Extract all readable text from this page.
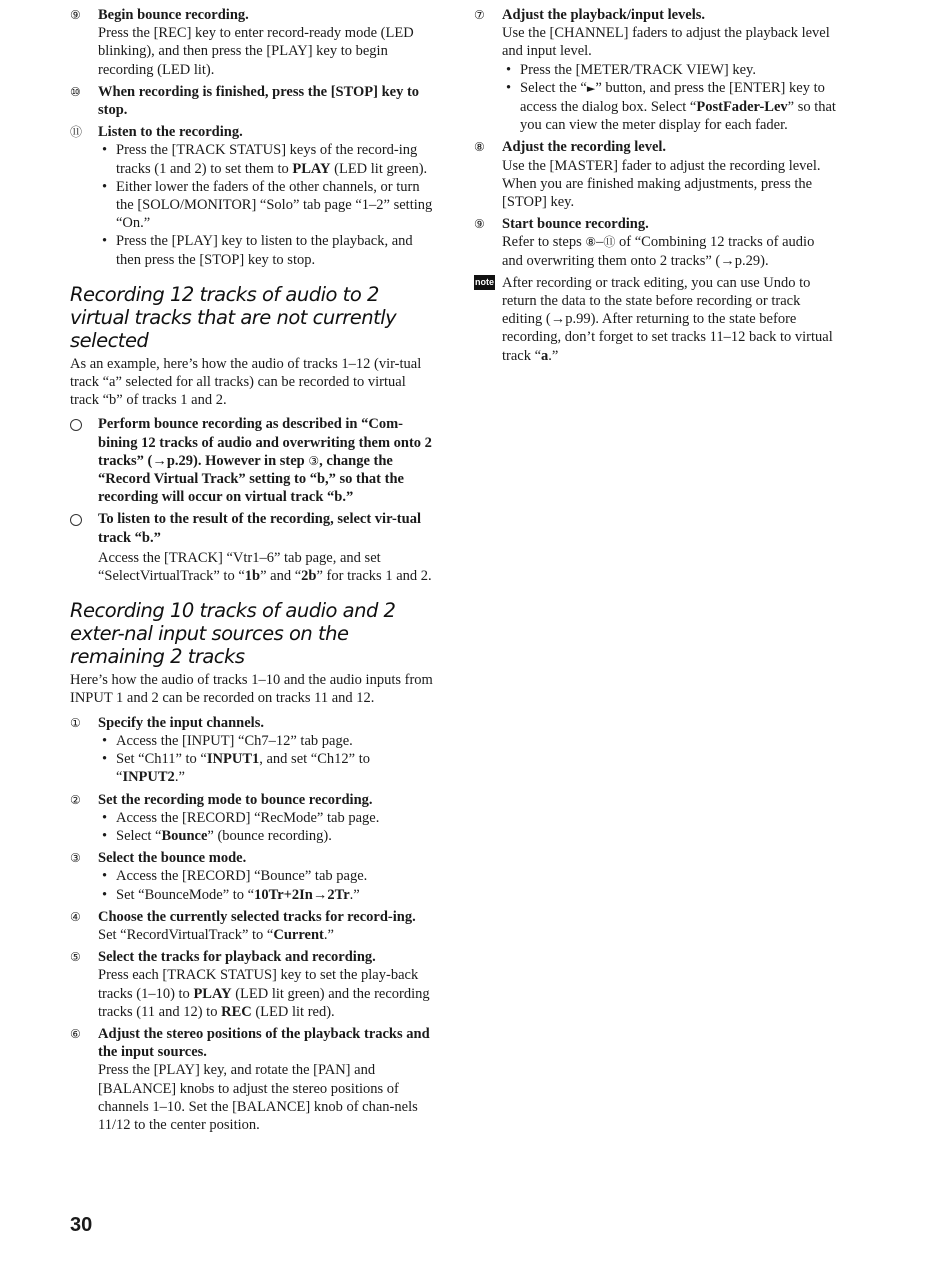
⑨ Begin bounce recording.
Press the [REC] key to enter record-ready mode (LED blinking), and then press the [PLAY] key to begin recording (LED lit).
⑩ When recording is finished, press the [STOP] key to stop.
⑪ Listen to the recording.
• Press the [TRACK STATUS] keys of the record-ing tracks (1 and 2) to set them to PLAY (LED lit green).
• Either lower the faders of the other channels, or turn the [SOLO/MONITOR] “Solo” tab page “1–2” setting “On.”
• Press the [PLAY] key to listen to the playback, and then press the [STOP] key to stop.
Recording 12 tracks of audio to 2 virtual tracks that are not currently selected

As an example, here’s how the audio of tracks 1–12 (vir-tual track “a” selected for all tracks) can be recorded to virtual track “b” of tracks 1 and 2.

Perform bounce recording as described in “Com-bining 12 tracks of audio and overwriting them onto 2 tracks” (→p.29). However in step ③, change the “Record Virtual Track” setting to “b,” so that the recording will occur on virtual track “b.”
To listen to the result of the recording, select vir-tual track “b.”
Access the [TRACK] “Vtr1–6” tab page, and set “SelectVirtualTrack” to “1b” and “2b” for tracks 1 and 2.
Recording 10 tracks of audio and 2 exter-nal input sources on the remaining 2 tracks

Here’s how the audio of tracks 1–10 and the audio inputs from INPUT 1 and 2 can be recorded on tracks 11 and 12.

① Specify the input channels.
• Access the [INPUT] “Ch7–12” tab page.
• Set “Ch11” to “INPUT1, and set “Ch12” to “INPUT2.”
② Set the recording mode to bounce recording.
• Access the [RECORD] “RecMode” tab page.
• Select “Bounce” (bounce recording).
③ Select the bounce mode.
• Access the [RECORD] “Bounce” tab page.
• Set “BounceMode” to “10Tr+2In→2Tr.”
④ Choose the currently selected tracks for record-ing.
Set “RecordVirtualTrack” to “Current.”
⑤ Select the tracks for playback and recording.
Press each [TRACK STATUS] key to set the play-back tracks (1–10) to PLAY (LED lit green) and the recording tracks (11 and 12) to REC (LED lit red).
⑥ Adjust the stereo positions of the playback tracks and the input sources.
Press the [PLAY] key, and rotate the [PAN] and [BALANCE] knobs to adjust the stereo positions of channels 1–10. Set the [BALANCE] knob of chan-nels 11/12 to the center position.
⑦ Adjust the playback/input levels.
Use the [CHANNEL] faders to adjust the playback level and input level.
• Press the [METER/TRACK VIEW] key.
• Select the “►” button, and press the [ENTER] key to access the dialog box. Select “PostFader-Lev” so that you can view the meter display for each fader.
⑧ Adjust the recording level.
Use the [MASTER] fader to adjust the recording level.
When you are finished making adjustments, press the [STOP] key.
⑨ Start bounce recording.
Refer to steps ⑧–⑪ of “Combining 12 tracks of audio and overwriting them onto 2 tracks” (→p.29).
note After recording or track editing, you can use Undo to return the data to the state before recording or track editing (→p.99). After returning to the state before recording, don’t forget to set tracks 11–12 back to virtual track “a.”
30
